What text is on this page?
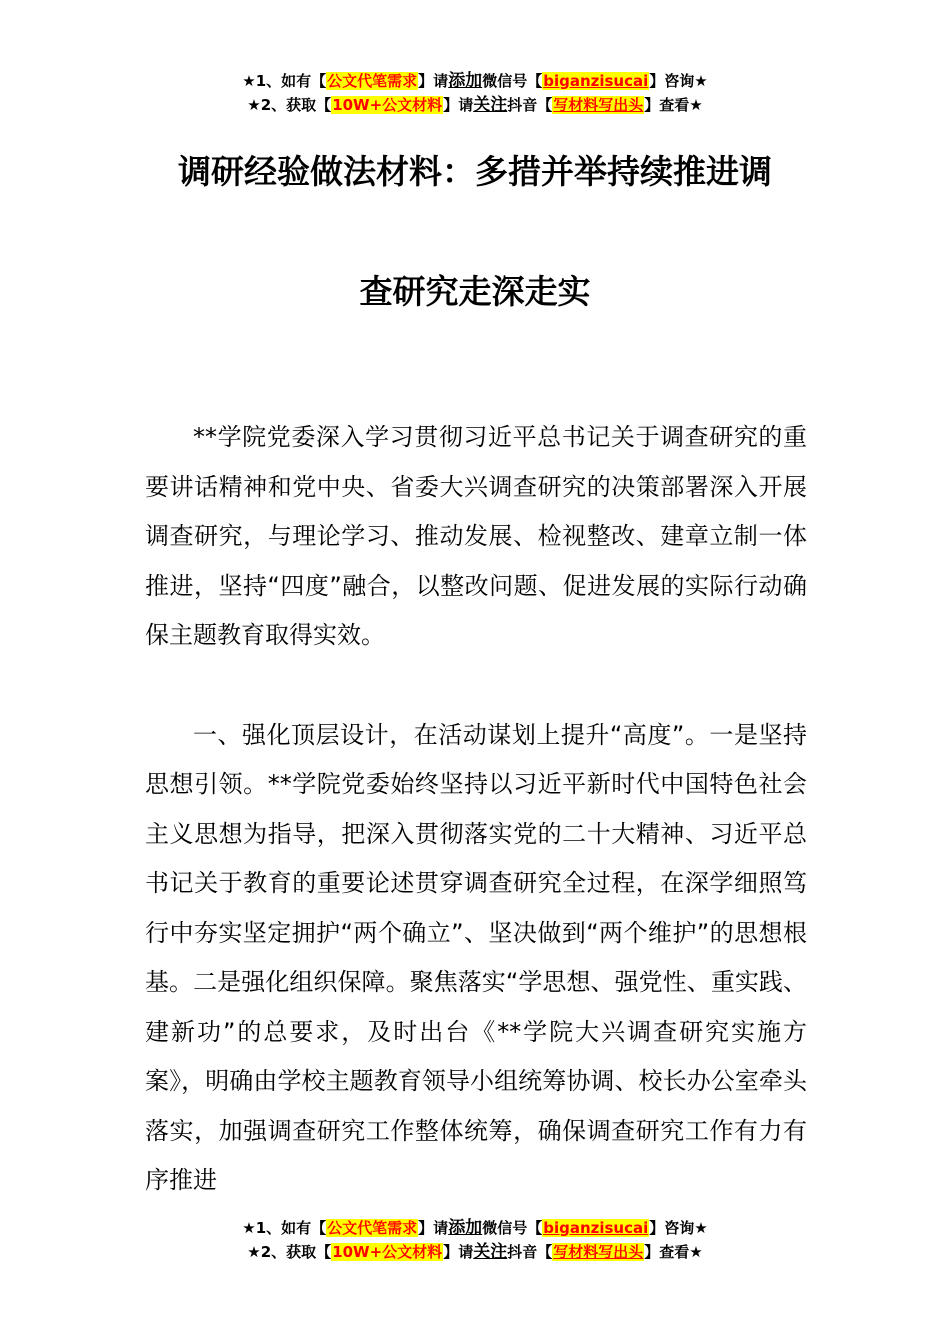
★1、如有【公文代笔需求】请添加微信号【biganzisucai】咨询★
★2、获取【10W+公文材料】请关注抖音【写材料写出头】查看★
调研经验做法材料：多措并举持续推进调
查研究走深走实

**学院党委深入学习贯彻习近平总书记关于调查研究的重要讲话精神和党中央、省委大兴调查研究的决策部署深入开展调查研究，与理论学习、推动发展、检视整改、建章立制一体推进，坚持“四度”融合，以整改问题、促进发展的实际行动确保主题教育取得实效。

一、强化顶层设计，在活动谋划上提升“高度”。一是坚持思想引领。**学院党委始终坚持以习近平新时代中国特色社会主义思想为指导，把深入贯彻落实党的二十大精神、习近平总书记关于教育的重要论述贯穿调查研究全过程，在深学细照笃行中夯实坚定拥护“两个确立”、坚决做到“两个维护”的思想根基。二是强化组织保障。聚焦落实“学思想、强党性、重实践、建新功”的总要求，及时出台《**学院大兴调查研究实施方案》，明确由学校主题教育领导小组统筹协调、校长办公室牵头落实，加强调查研究工作整体统筹，确保调查研究工作有力有序推进

★1、如有【公文代笔需求】请添加微信号【biganzisucai】咨询★
★2、获取【10W+公文材料】请关注抖音【写材料写出头】查看★
